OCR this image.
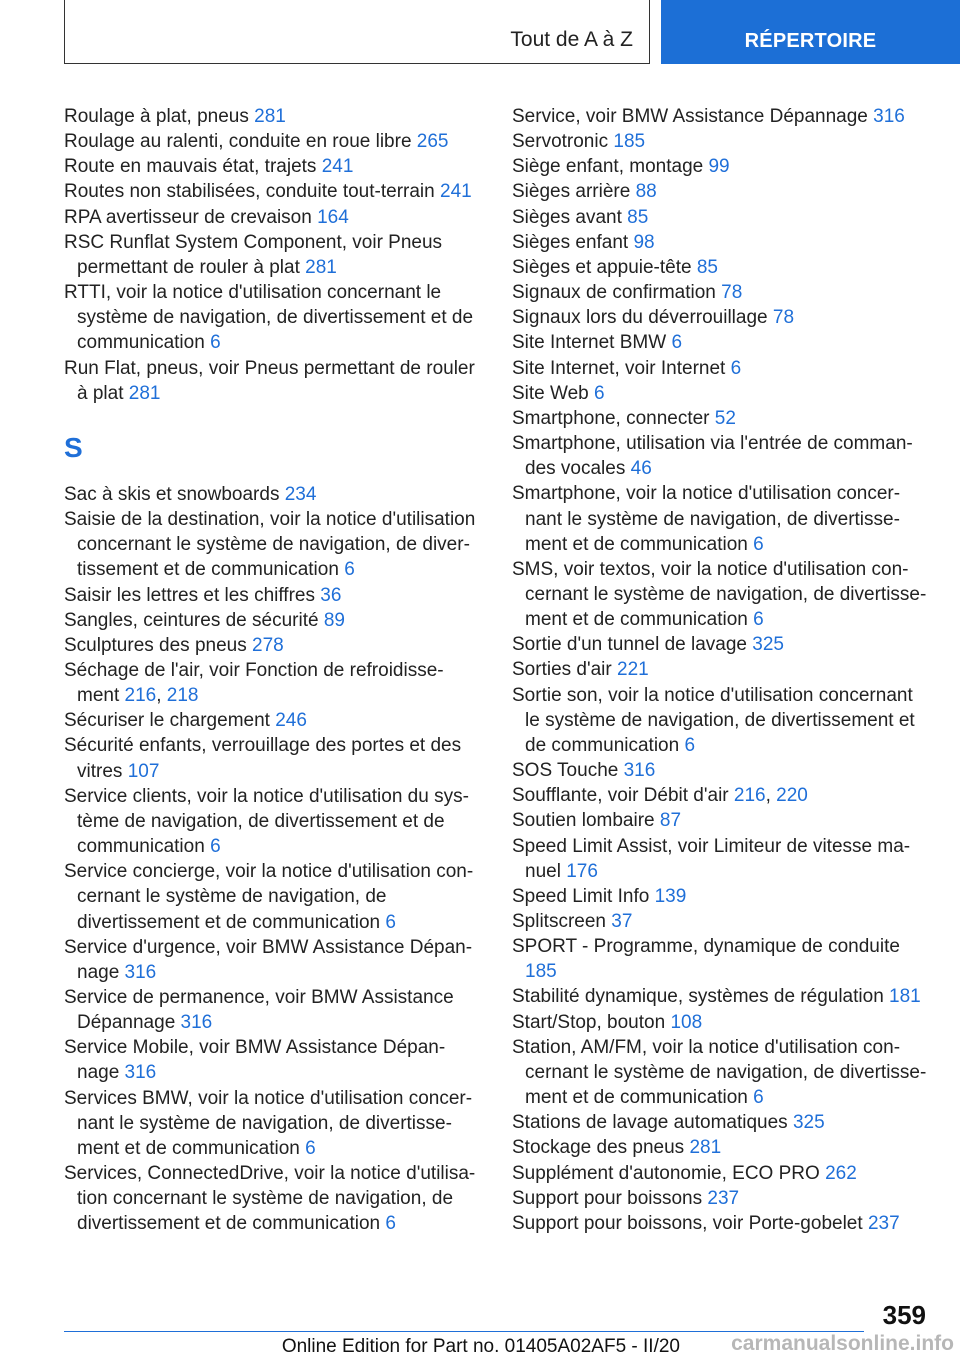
Tout de A à Z	RÉPERTOIRE

Roulage à plat, pneus 281

Roulage au ralenti, conduite en roue libre 265

Route en mauvais état, trajets 241

Routes non stabilisées, conduite tout-terrain 241

RPA avertisseur de crevaison 164

RSC Runflat System Component, voir Pneus permettant de rouler à plat 281

RTTI, voir la notice d'utilisation concernant le système de navigation, de divertissement et de communication 6

Run Flat, pneus, voir Pneus permettant de rouler à plat 281

S

Sac à skis et snowboards 234

Saisie de la destination, voir la notice d'utilisation concernant le système de navigation, de divertissement et de communication 6

Saisir les lettres et les chiffres 36

Sangles, ceintures de sécurité 89

Sculptures des pneus 278

Séchage de l'air, voir Fonction de refroidissement 216, 218

Sécuriser le chargement 246

Sécurité enfants, verrouillage des portes et des vitres 107

Service clients, voir la notice d'utilisation du système de navigation, de divertissement et de communication 6

Service concierge, voir la notice d'utilisation concernant le système de navigation, de divertissement et de communication 6

Service d'urgence, voir BMW Assistance Dépannage 316

Service de permanence, voir BMW Assistance Dépannage 316

Service Mobile, voir BMW Assistance Dépannage 316

Services BMW, voir la notice d'utilisation concernant le système de navigation, de divertissement et de communication 6

Services, ConnectedDrive, voir la notice d'utilisation concernant le système de navigation, de divertissement et de communication 6

Service, voir BMW Assistance Dépannage 316

Servotronic 185

Siège enfant, montage 99

Sièges arrière 88

Sièges avant 85

Sièges enfant 98

Sièges et appuie-tête 85

Signaux de confirmation 78

Signaux lors du déverrouillage 78

Site Internet BMW 6

Site Internet, voir Internet 6

Site Web 6

Smartphone, connecter 52

Smartphone, utilisation via l'entrée de commandes vocales 46

Smartphone, voir la notice d'utilisation concernant le système de navigation, de divertissement et de communication 6

SMS, voir textos, voir la notice d'utilisation concernant le système de navigation, de divertissement et de communication 6

Sortie d'un tunnel de lavage 325

Sorties d'air 221

Sortie son, voir la notice d'utilisation concernant le système de navigation, de divertissement et de communication 6

SOS Touche 316

Soufflante, voir Débit d'air 216, 220

Soutien lombaire 87

Speed Limit Assist, voir Limiteur de vitesse manuel 176

Speed Limit Info 139

Splitscreen 37

SPORT - Programme, dynamique de conduite 185

Stabilité dynamique, systèmes de régulation 181

Start/Stop, bouton 108

Station, AM/FM, voir la notice d'utilisation concernant le système de navigation, de divertissement et de communication 6

Stations de lavage automatiques 325

Stockage des pneus 281

Supplément d'autonomie, ECO PRO 262

Support pour boissons 237

Support pour boissons, voir Porte-gobelet 237

359
Online Edition for Part no. 01405A02AF5 - II/20 carmanualsonline.info
